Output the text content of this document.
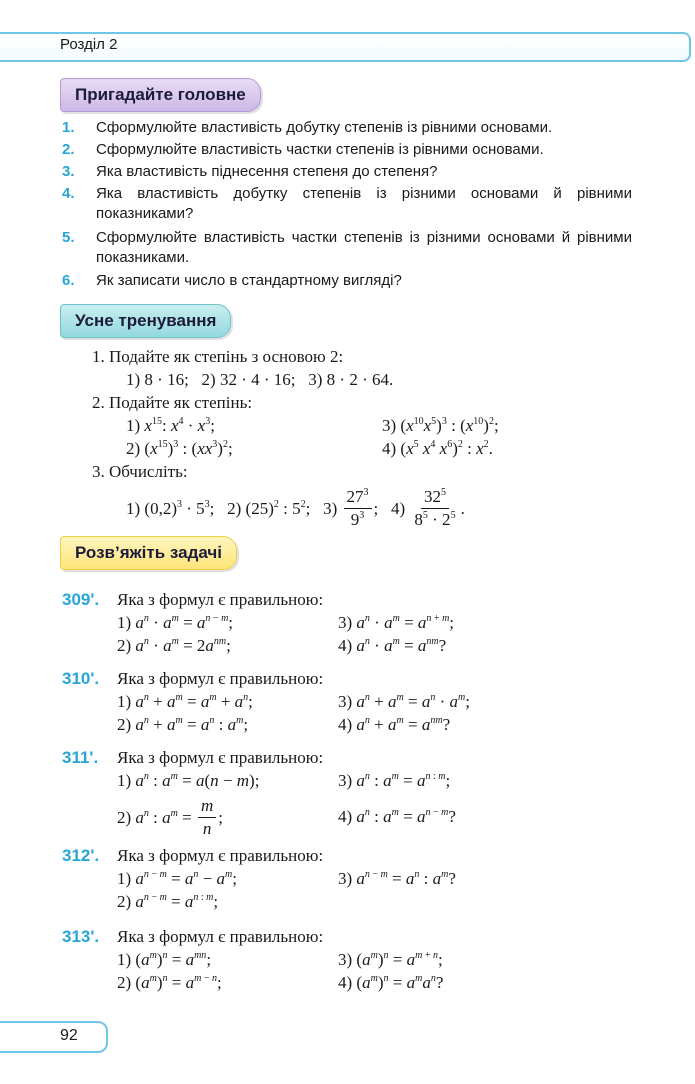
Розділ 2
Пригадайте головне
1. Сформулюйте властивість добутку степенів із рівними основами.
2. Сформулюйте властивість частки степенів із рівними основами.
3. Яка властивість піднесення степеня до степеня?
4. Яка властивість добутку степенів із різними основами й рівними показниками?
5. Сформулюйте властивість частки степенів із різними основами й рівними показниками.
6. Як записати число в стандартному вигляді?
Усне тренування
1. Подайте як степінь з основою 2:
1) 8 · 16;   2) 32 · 4 · 16;   3) 8 · 2 · 64.
2. Подайте як степінь:
1) $x^{15}$: $x^4 \cdot x^3$;	3) $(x^{10}x^5)^3$ : $(x^{10})^2$;
2) $(x^{15})^3$ : $(xx^3)^2$;	4) ($x^5$ $x^4$ $x^6)^2$ : $x^2$.
3. Обчисліть:
1) $(0,2)^3 \cdot 5^3$;   2) $(25)^2$ : $5^2$;   $3) \frac{27^3}{9^3}$ ;   $4) \frac{32^5}{8^5 \cdot 2^5}$ .
Розв’яжіть задачі
309'. Яка з формул є правильною:
1) $a^n \cdot a^m = a^{n - m}$;	3) $a^n \cdot a^m = a^{n + m}$;
2) $a^n \cdot a^m = 2a^{nm}$;	4) $a^n \cdot a^m = a^{nm}$?
310'. Яка з формул є правильною:
1) $a^n + a^m = a^m + a^n$;	3) $a^n + a^m = a^n \cdot a^m$;
2) $a^n + a^m = a^n$ : $a^m$;	4) $a^n + a^m = a^{nm}$?
311'. Яка з формул є правильною:
1) $a^n$ : $a^m = a(n - m)$;	3) $a^n$ : $a^m = a^{n : m}$;
2) $a^n$ : $a^m = \frac{m}{n}$ ;	4) $a^n$ : $a^m = a^{n - m}$?
312'. Яка з формул є правильною:
1) $a^{n - m} = a^n - a^m$;	3) $a^{n - m} = a^n$ : $a^m$?
2) $a^{n - m} = a^{n : m}$;
313'. Яка з формул є правильною:
1) $(a^m)^n = a^{mn}$;	3) $(a^m)^n = a^{m + n}$;
2) $(a^m)^n = a^{m - n}$;	4) $(a^m)^n = a^ma^n$?
92
